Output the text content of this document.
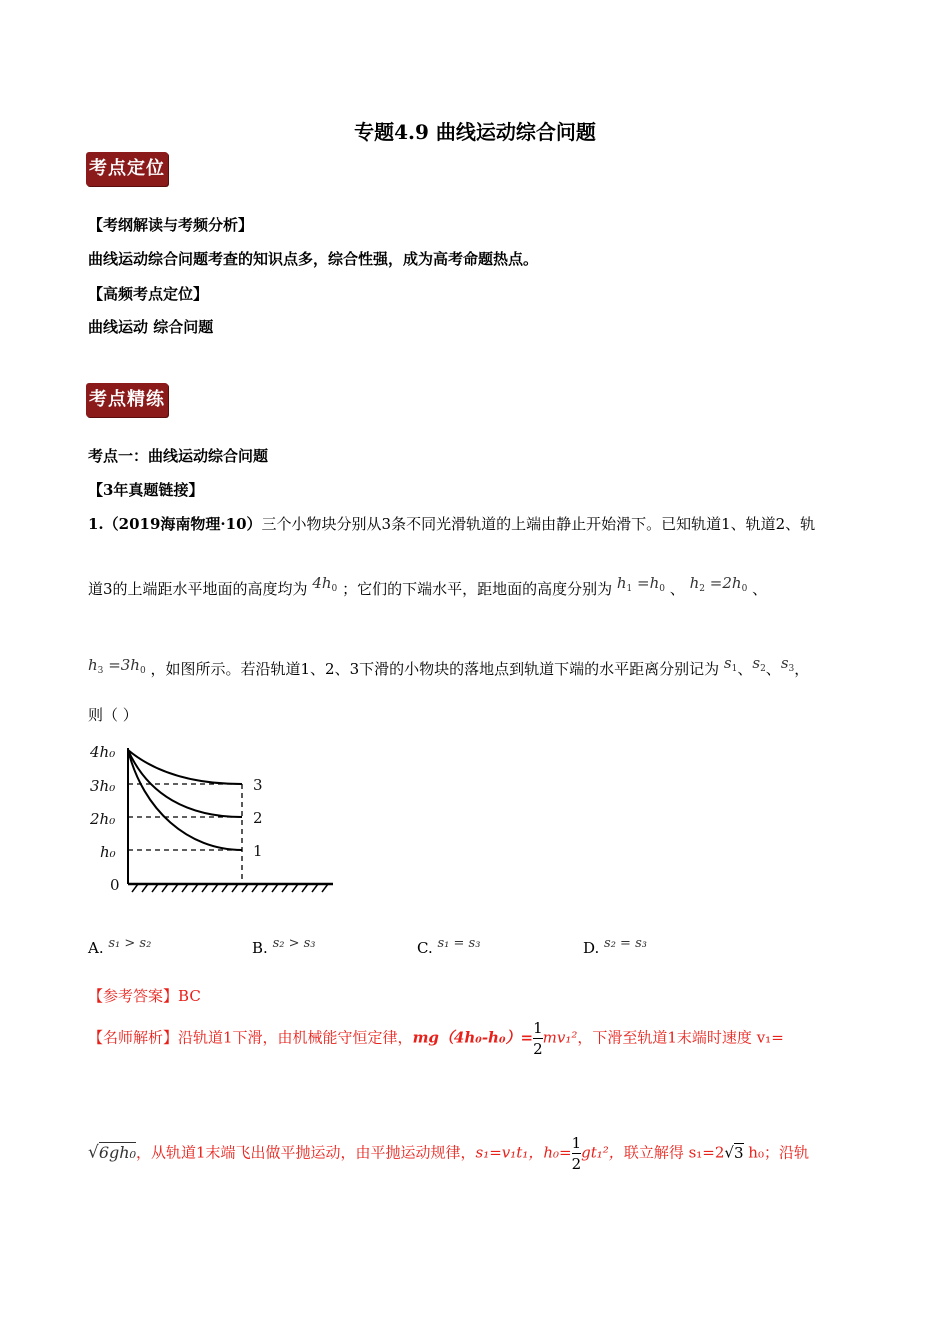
专题4.9 曲线运动综合问题
考点定位
【考纲解读与考频分析】
曲线运动综合问题考查的知识点多，综合性强，成为高考命题热点。
【高频考点定位】
曲线运动 综合问题
考点精练
考点一：曲线运动综合问题
【3年真题链接】
1.（2019海南物理·10）三个小物块分别从3条不同光滑轨道的上端由静止开始滑下。已知轨道1、轨道2、轨
道3的上端距水平地面的高度均为 $4h_0$ ；它们的下端水平，距地面的高度分别为 $h_1 =h_0$ 、 $h_2 =2h_0$ 、
$h_3 =3h_0$ ，如图所示。若沿轨道1、2、3下滑的小物块的落地点到轨道下端的水平距离分别记为 $s_1$、$s_2$、$s_3$，
则（ ）
4h₀
3h₀
2h₀
h₀
0
3
2
1
A. s₁ > s₂	B. s₂ > s₃	C. s₁ = s₃	D. s₂ = s₃
【参考答案】BC
【名师解析】沿轨道1下滑，由机械能守恒定律，$mg(4h_0-h_0)= \frac{1}{2} mv_1^2$，下滑至轨道1末端时速度 v₁=
√6gh₀，从轨道1末端飞出做平抛运动，由平抛运动规律，s₁=v₁t₁，$h_0= \frac{1}{2} gt_1^2$，联立解得 s₁=2√3 h₀；沿轨
